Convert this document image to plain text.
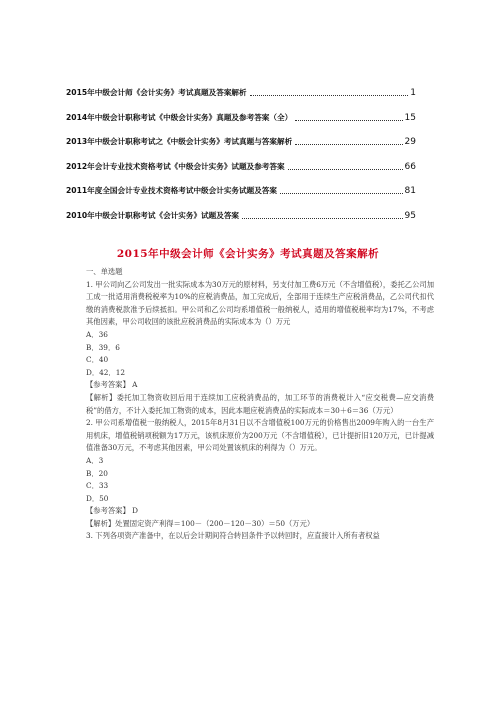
2015年中级会计师《会计实务》考试真题及答案解析	1
2014年中级会计职称考试《中级会计实务》真题及参考答案（全）	15
2013年中级会计职称考试之《中级会计实务》考试真题与答案解析	29
2012年会计专业技术资格考试《中级会计实务》试题及参考答案	66
2011年度全国会计专业技术资格考试中级会计实务试题及答案	81
2010年中级会计职称考试《会计实务》试题及答案	95
2015年中级会计师《会计实务》考试真题及答案解析

一、单选题

1. 甲公司向乙公司发出一批实际成本为30万元的原材料，另支付加工费6万元（不含增值税），委托乙公司加工成一批适用消费税税率为10%的应税消费品，加工完成后，全部用于连续生产应税消费品，乙公司代扣代缴的消费税款准予后续抵扣。甲公司和乙公司均系增值税一般纳税人，适用的增值税税率均为17%，不考虑其他因素，甲公司收回的该批应税消费品的实际成本为（）万元

A．36

B．39．6

C．40

D．42．12

【参考答案】 A

【解析】委托加工物资收回后用于连续加工应税消费品的，加工环节的消费税计入“应交税费—应交消费税”的借方，不计入委托加工物资的成本，因此本题应税消费品的实际成本＝30＋6＝36（万元）

2. 甲公司系增值税一般纳税人，2015年8月31日以不含增值税100万元的价格售出2009年购入的一台生产用机床，增值税销项税额为17万元，该机床原价为200万元（不含增值税），已计提折旧120万元，已计提减值准备30万元，不考虑其他因素，甲公司处置该机床的利得为（）万元。

A．3

B．20

C．33

D．50

【参考答案】 D

【解析】处置固定资产利得＝100－（200－120－30）＝50（万元）

3. 下列各项资产准备中，在以后会计期间符合转回条件予以转回时，应直接计入所有者权益
